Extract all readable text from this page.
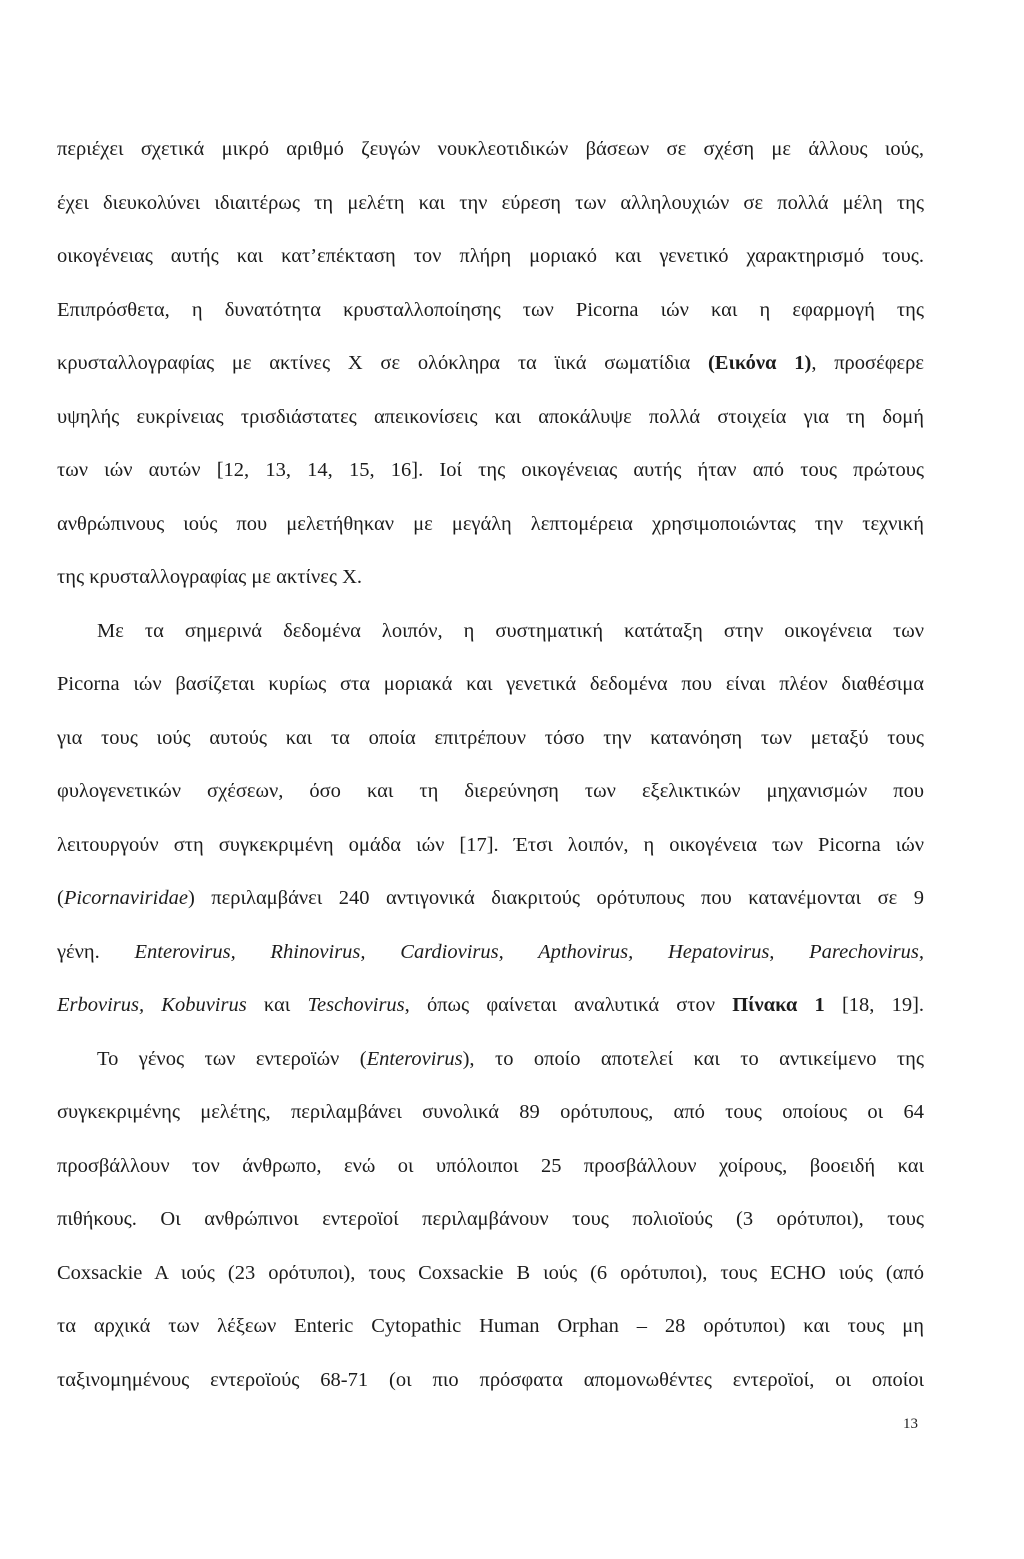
περιέχει σχετικά μικρό αριθμό ζευγών νουκλεοτιδικών βάσεων σε σχέση με άλλους ιούς,
έχει διευκολύνει ιδιαιτέρως τη μελέτη και την εύρεση των αλληλουχιών σε πολλά μέλη της
οικογένειας αυτής και κατ’επέκταση τον πλήρη μοριακό και γενετικό χαρακτηρισμό τους.
Επιπρόσθετα, η δυνατότητα κρυσταλλοποίησης των Picorna ιών και η εφαρμογή της
κρυσταλλογραφίας με ακτίνες Χ σε ολόκληρα τα ϊικά σωματίδια (Εικόνα 1), προσέφερε
υψηλής ευκρίνειας τρισδιάστατες απεικονίσεις και αποκάλυψε πολλά στοιχεία για τη δομή
των ιών αυτών [12, 13, 14, 15, 16]. Ιοί της οικογένειας αυτής ήταν από τους πρώτους
ανθρώπινους ιούς που μελετήθηκαν με μεγάλη λεπτομέρεια χρησιμοποιώντας την τεχνική
της κρυσταλλογραφίας με ακτίνες Χ.
Με τα σημερινά δεδομένα λοιπόν, η συστηματική κατάταξη στην οικογένεια των
Picorna ιών βασίζεται κυρίως στα μοριακά και γενετικά δεδομένα που είναι πλέον διαθέσιμα
για τους ιούς αυτούς και τα οποία επιτρέπουν τόσο την κατανόηση των μεταξύ τους
φυλογενετικών σχέσεων, όσο και τη διερεύνηση των εξελικτικών μηχανισμών που
λειτουργούν στη συγκεκριμένη ομάδα ιών [17]. Έτσι λοιπόν, η οικογένεια των Picorna ιών
(Picornaviridae) περιλαμβάνει 240 αντιγονικά διακριτούς ορότυπους που κατανέμονται σε 9
γένη. Enterovirus, Rhinovirus, Cardiovirus, Apthovirus, Hepatovirus, Parechovirus,
Erbovirus, Kobuvirus και Teschovirus, όπως φαίνεται αναλυτικά στον Πίνακα 1 [18, 19].
Το γένος των εντεροϊών (Enterovirus), το οποίο αποτελεί και το αντικείμενο της
συγκεκριμένης μελέτης, περιλαμβάνει συνολικά 89 ορότυπους, από τους οποίους οι 64
προσβάλλουν τον άνθρωπο, ενώ οι υπόλοιποι 25 προσβάλλουν χοίρους, βοοειδή και
πιθήκους. Οι ανθρώπινοι εντεροϊοί περιλαμβάνουν τους πολιοϊούς (3 ορότυποι), τους
Coxsackie A ιούς (23 ορότυποι), τους Coxsackie B ιούς (6 ορότυποι), τους ECHO ιούς (από
τα αρχικά των λέξεων Enteric Cytopathic Human Orphan – 28 ορότυποι) και τους μη
ταξινομημένους εντεροϊούς 68-71 (οι πιο πρόσφατα απομονωθέντες εντεροϊοί, οι οποίοι
13
